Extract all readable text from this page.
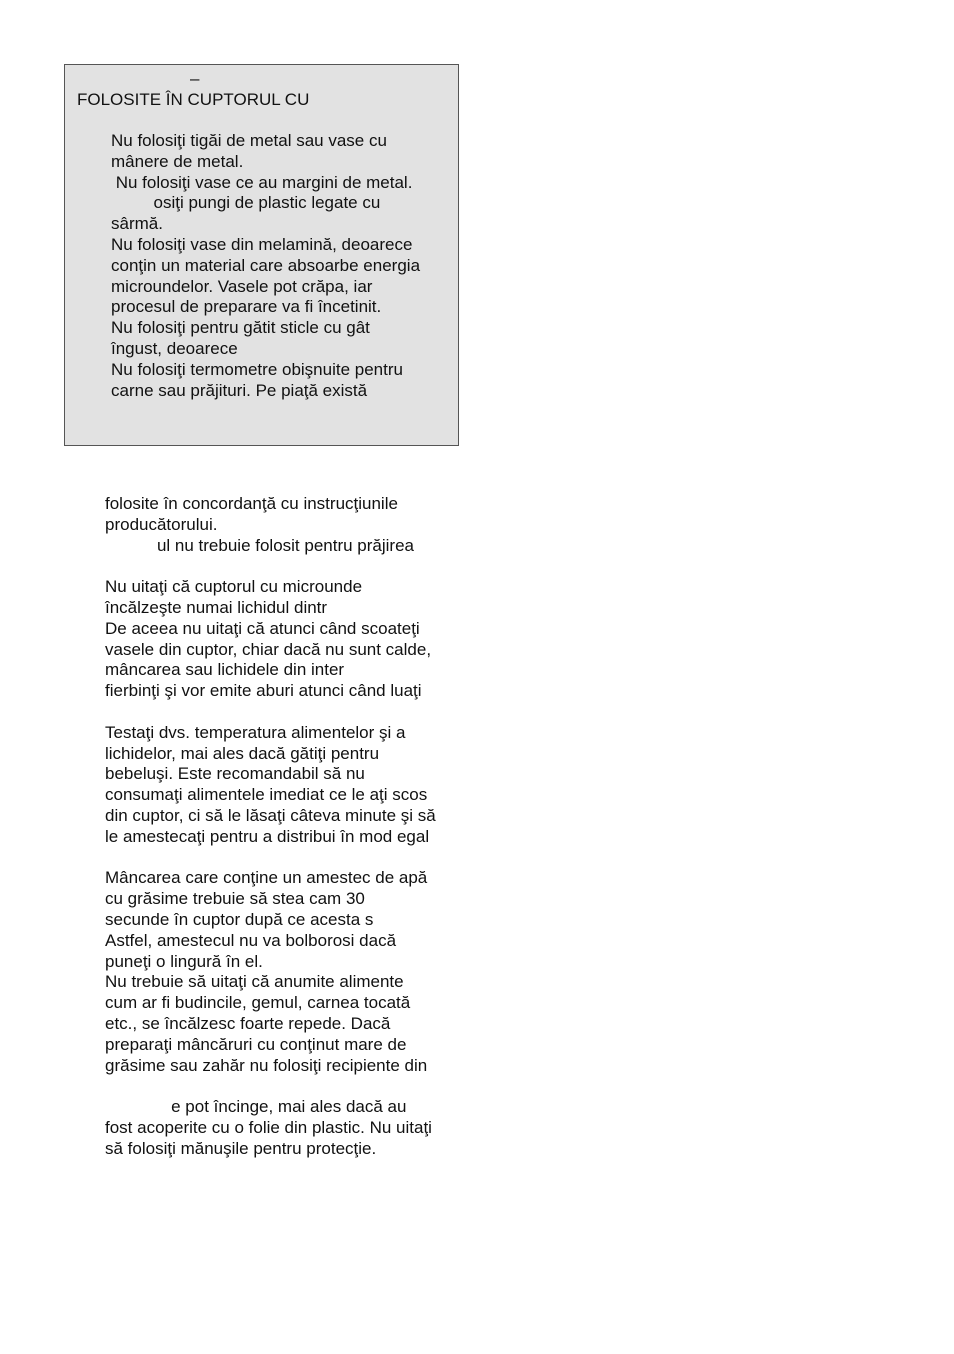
–
FOLOSITE ÎN CUPTORUL CU
Nu folosiţi tigăi de metal sau vase cu
mânere de metal.
Nu folosiţi vase ce au margini de metal.
osiţi pungi de plastic legate cu
sârmă.
Nu folosiţi vase din melamină, deoarece
conţin un material care absoarbe energia
microundelor. Vasele pot crăpa, iar
procesul de preparare va fi încetinit.
Nu folosiţi pentru gătit sticle cu gât
îngust, deoarece
Nu folosiţi termometre obişnuite pentru
carne sau prăjituri. Pe piaţă există
folosite în concordanţă cu instrucţiunile
producătorului.
ul nu trebuie folosit pentru prăjirea
Nu uitaţi că cuptorul cu microunde
încălzeşte numai lichidul dintr
De aceea nu uitaţi că atunci când scoateţi
vasele din cuptor, chiar dacă nu sunt calde,
mâncarea sau lichidele din inter
fierbinţi şi vor emite aburi atunci când luaţi
Testaţi dvs. temperatura alimentelor şi a
lichidelor, mai ales dacă gătiţi pentru
bebeluşi. Este recomandabil să nu
consumaţi alimentele imediat ce le aţi scos
din cuptor, ci să le lăsaţi câteva minute şi să
le amestecaţi pentru a distribui în mod egal
Mâncarea care conţine un amestec de apă
cu grăsime trebuie să stea cam 30
secunde în cuptor după ce acesta s
Astfel, amestecul nu va bolborosi dacă
puneţi o lingură în el.
Nu trebuie să uitaţi că anumite alimente
cum ar fi budincile, gemul, carnea tocată
etc., se încălzesc foarte repede. Dacă
preparaţi mâncăruri cu conţinut mare de
grăsime sau zahăr nu folosiţi recipiente din
e pot încinge, mai ales dacă au
fost acoperite cu o folie din plastic. Nu uitaţi
să folosiţi mănuşile pentru protecţie.
